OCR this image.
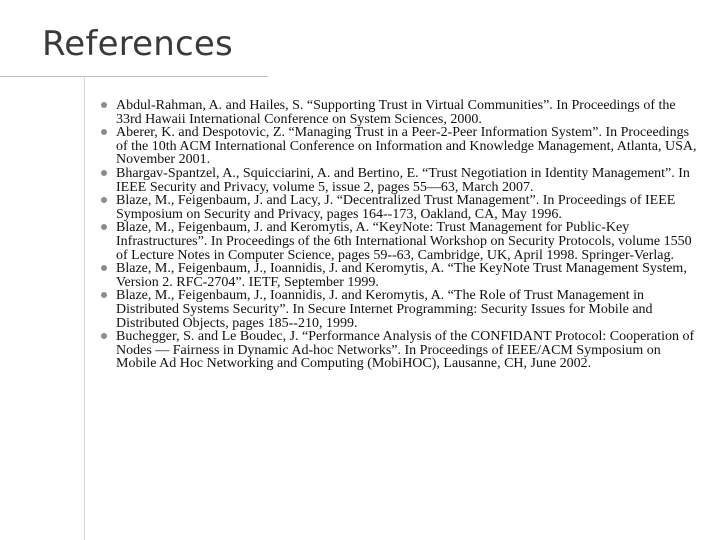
References
Abdul-Rahman, A. and Hailes, S. “Supporting Trust in Virtual Communities”. In Proceedings of the 33rd Hawaii International Conference on System Sciences, 2000.
Aberer, K. and Despotovic, Z. “Managing Trust in a Peer-2-Peer Information System”. In Proceedings of the 10th ACM International Conference on Information and Knowledge Management, Atlanta, USA, November 2001.
Bhargav-Spantzel, A., Squicciarini, A. and Bertino, E. “Trust Negotiation in Identity Management”. In IEEE Security and Privacy, volume 5, issue 2, pages 55—63, March 2007.
Blaze, M., Feigenbaum, J. and Lacy, J. “Decentralized Trust Management”. In Proceedings of IEEE Symposium on Security and Privacy, pages 164--173, Oakland, CA, May 1996.
Blaze, M., Feigenbaum, J. and Keromytis, A. “KeyNote: Trust Management for Public-Key Infrastructures”. In Proceedings of the 6th International Workshop on Security Protocols, volume 1550 of Lecture Notes in Computer Science, pages 59--63, Cambridge, UK, April 1998. Springer-Verlag.
Blaze, M., Feigenbaum, J., Ioannidis, J. and Keromytis, A. “The KeyNote Trust Management System, Version 2. RFC-2704”. IETF, September 1999.
Blaze, M., Feigenbaum, J., Ioannidis, J. and Keromytis, A. “The Role of Trust Management in Distributed Systems Security”. In Secure Internet Programming: Security Issues for Mobile and Distributed Objects, pages 185--210, 1999.
Buchegger, S. and Le Boudec, J. “Performance Analysis of the CONFIDANT Protocol: Cooperation of Nodes — Fairness in Dynamic Ad-hoc Networks”. In Proceedings of IEEE/ACM Symposium on Mobile Ad Hoc Networking and Computing (MobiHOC), Lausanne, CH, June 2002.
